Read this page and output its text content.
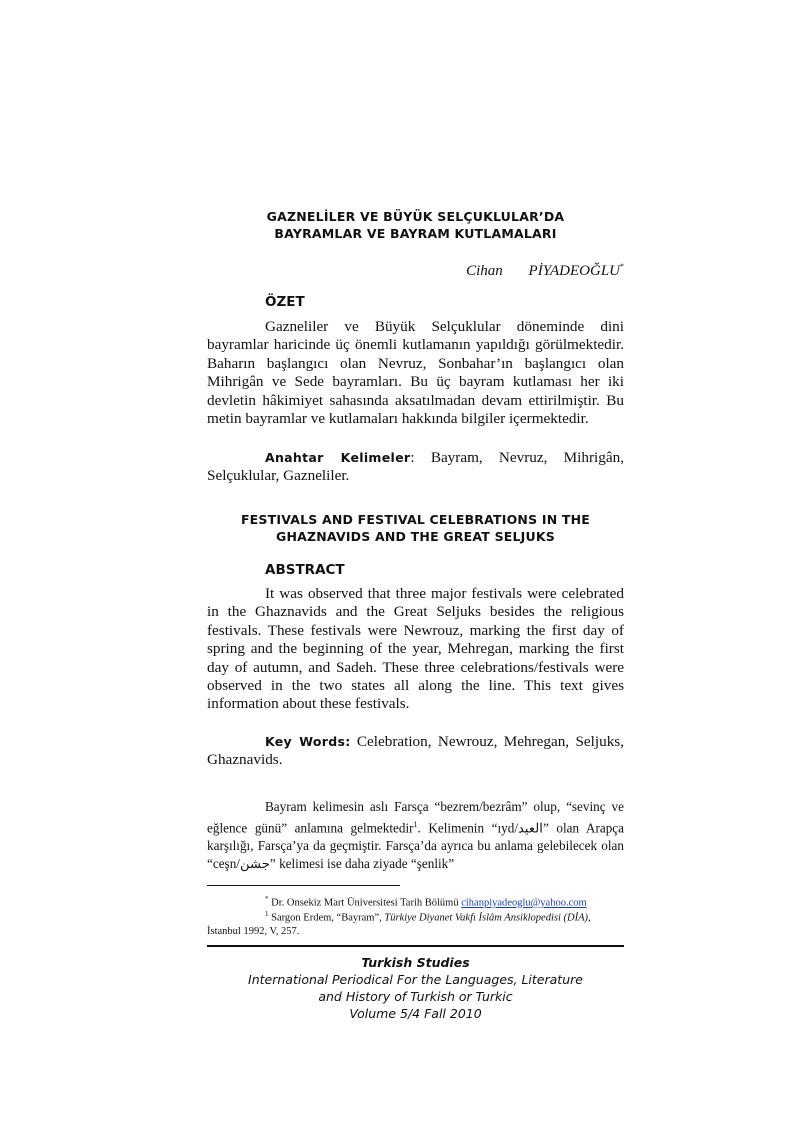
GAZNELİLER VE BÜYÜK SELÇUKLULAR’DA
BAYRAMLAR VE BAYRAM KUTLAMALARI
Cihan PİYADEOĞLU*
ÖZET
Gazneliler ve Büyük Selçuklular döneminde dini bayramlar haricinde üç önemli kutlamanın yapıldığı görülmektedir. Baharın başlangıcı olan Nevruz, Sonbahar’ın başlangıcı olan Mihrigân ve Sede bayramları. Bu üç bayram kutlaması her iki devletin hâkimiyet sahasında aksatılmadan devam ettirilmiştir. Bu metin bayramlar ve kutlamaları hakkında bilgiler içermektedir.
Anahtar Kelimeler: Bayram, Nevruz, Mihrigân, Selçuklular, Gazneliler.
FESTIVALS AND FESTIVAL CELEBRATIONS IN THE
GHAZNAVIDS AND THE GREAT SELJUKS
ABSTRACT
It was observed that three major festivals were celebrated in the Ghaznavids and the Great Seljuks besides the religious festivals. These festivals were Newrouz, marking the first day of spring and the beginning of the year, Mehregan, marking the first day of autumn, and Sadeh. These three celebrations/festivals were observed in the two states all along the line. This text gives information about these festivals.
Key Words: Celebration, Newrouz, Mehregan, Seljuks, Ghaznavids.
Bayram kelimesin aslı Farsça “bezrem/bezrâm” olup, “sevinç ve eğlence günü” anlamına gelmektedir$^1$. Kelimenin “ıyd/العيد” olan Arapça karşılığı, Farsça’ya da geçmiştir. Farsça’da ayrıca bu anlama gelebilecek olan “ceşn/جشن” kelimesi ise daha ziyade “şenlik”
* Dr. Onsekiz Mart Üniversitesi Tarih Bölümü cihanpiyadeoglu@yahoo.com
$^1$ Sargon Erdem, “Bayram”, Türkiye Diyanet Vakfı İslâm Ansiklopedisi (DİA), İstanbul 1992, V, 257.
Turkish Studies
International Periodical For the Languages, Literature
and History of Turkish or Turkic
Volume 5/4 Fall 2010
